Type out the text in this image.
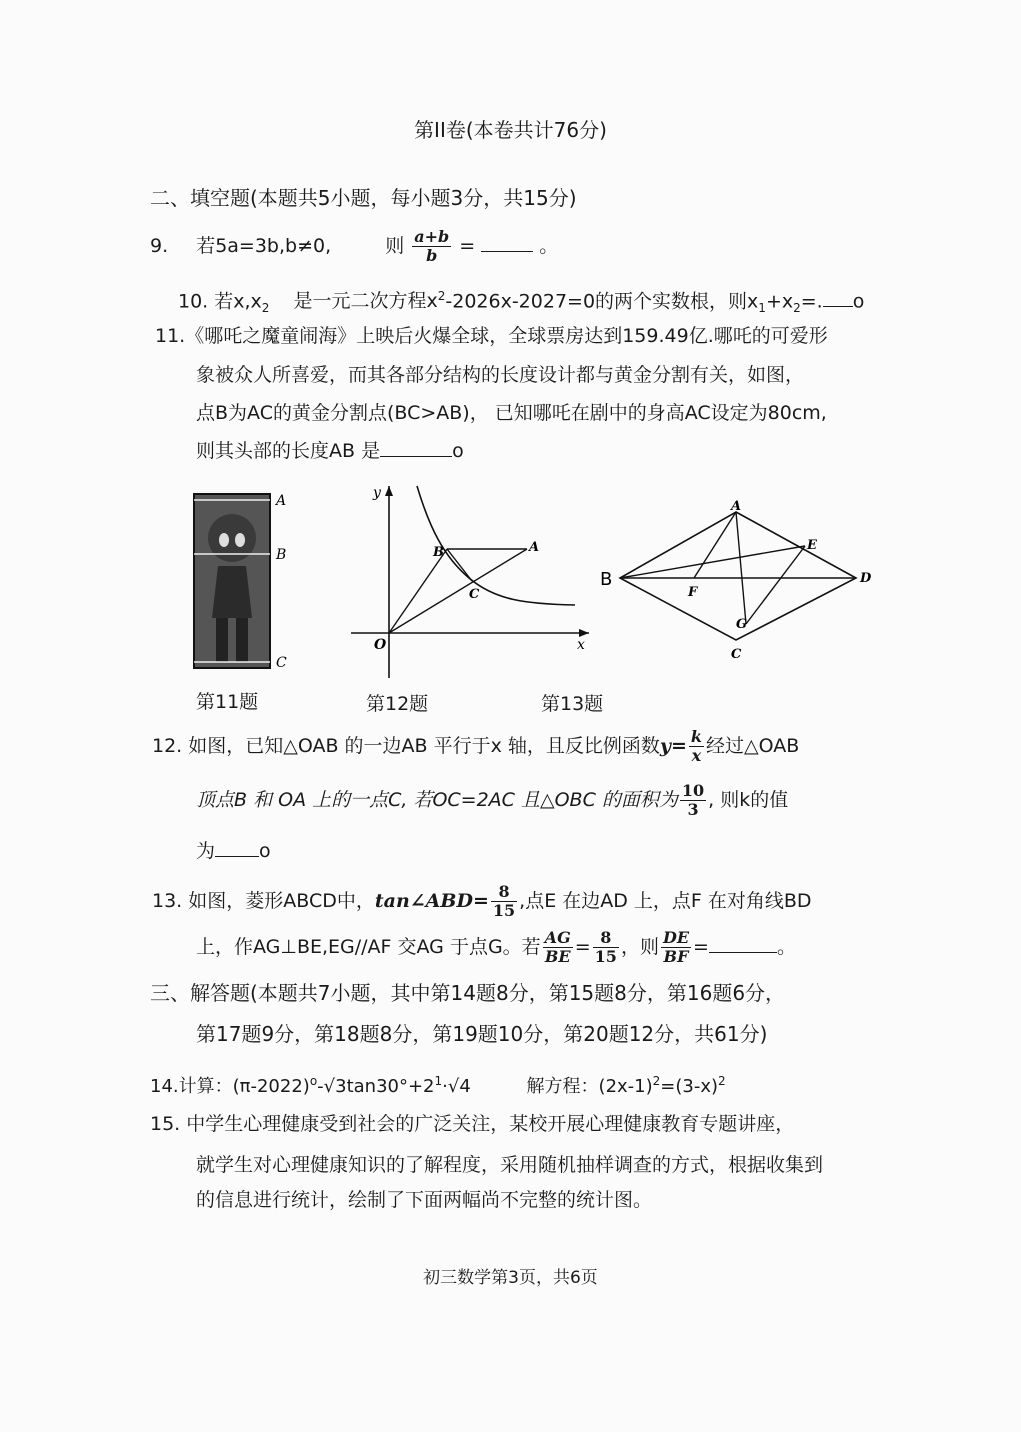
第II卷(本卷共计76分)
二、填空题(本题共5小题，每小题3分，共15分)
9. 若5a=3b,b≠0,	则 $\frac{a+b}{b}$ =	。
10. 若$x,x_2$ 是一元二次方程$x^2-2026x-2027=0$的两个实数根，则$x_1+x_2=$. o
11.《哪吒之魔童闹海》上映后火爆全球，全球票房达到159.49亿.哪吒的可爱形
象被众人所喜爱，而其各部分结构的长度设计都与黄金分割有关，如图，
点B为AC的黄金分割点(BC>AB)， 已知哪吒在剧中的身高AC设定为80cm,
则其头部的长度AB 是	o
A
B
C
y
x
O
B	A
C
A
B
C
D
E
F
G
第11题	第12题	第13题
12. 如图，已知△OAB 的一边AB 平行于x 轴，且反比例函数$y= \frac{k}{x}$ 经过△OAB
顶点B 和 OA 上的一点C, 若OC=2AC 且△OBC 的面积为 $\frac{10}{3}$ , 则k的值
为 o
13. 如图，菱形ABCD中，tan∠ABD= $\frac{8}{15}$ ,点E 在边AD 上，点F 在对角线BD
上，作AG⊥BE,EG//AF 交AG 于点G。若 $\frac{AG}{BE} = \frac{8}{15}$ ，则 $\frac{DE}{BF}$ =	。
三、解答题(本题共7小题，其中第14题8分，第15题8分，第16题6分，
第17题9分，第18题8分，第19题10分，第20题12分，共61分)
14.计算：$(\pi-2022)^o-√3\tan 30^\circ+2^1\cdot√4$	解方程：$(2x-1)^2=(3-x)^2$
15. 中学生心理健康受到社会的广泛关注，某校开展心理健康教育专题讲座，
就学生对心理健康知识的了解程度，采用随机抽样调查的方式，根据收集到
的信息进行统计，绘制了下面两幅尚不完整的统计图。
初三数学第3页，共6页
